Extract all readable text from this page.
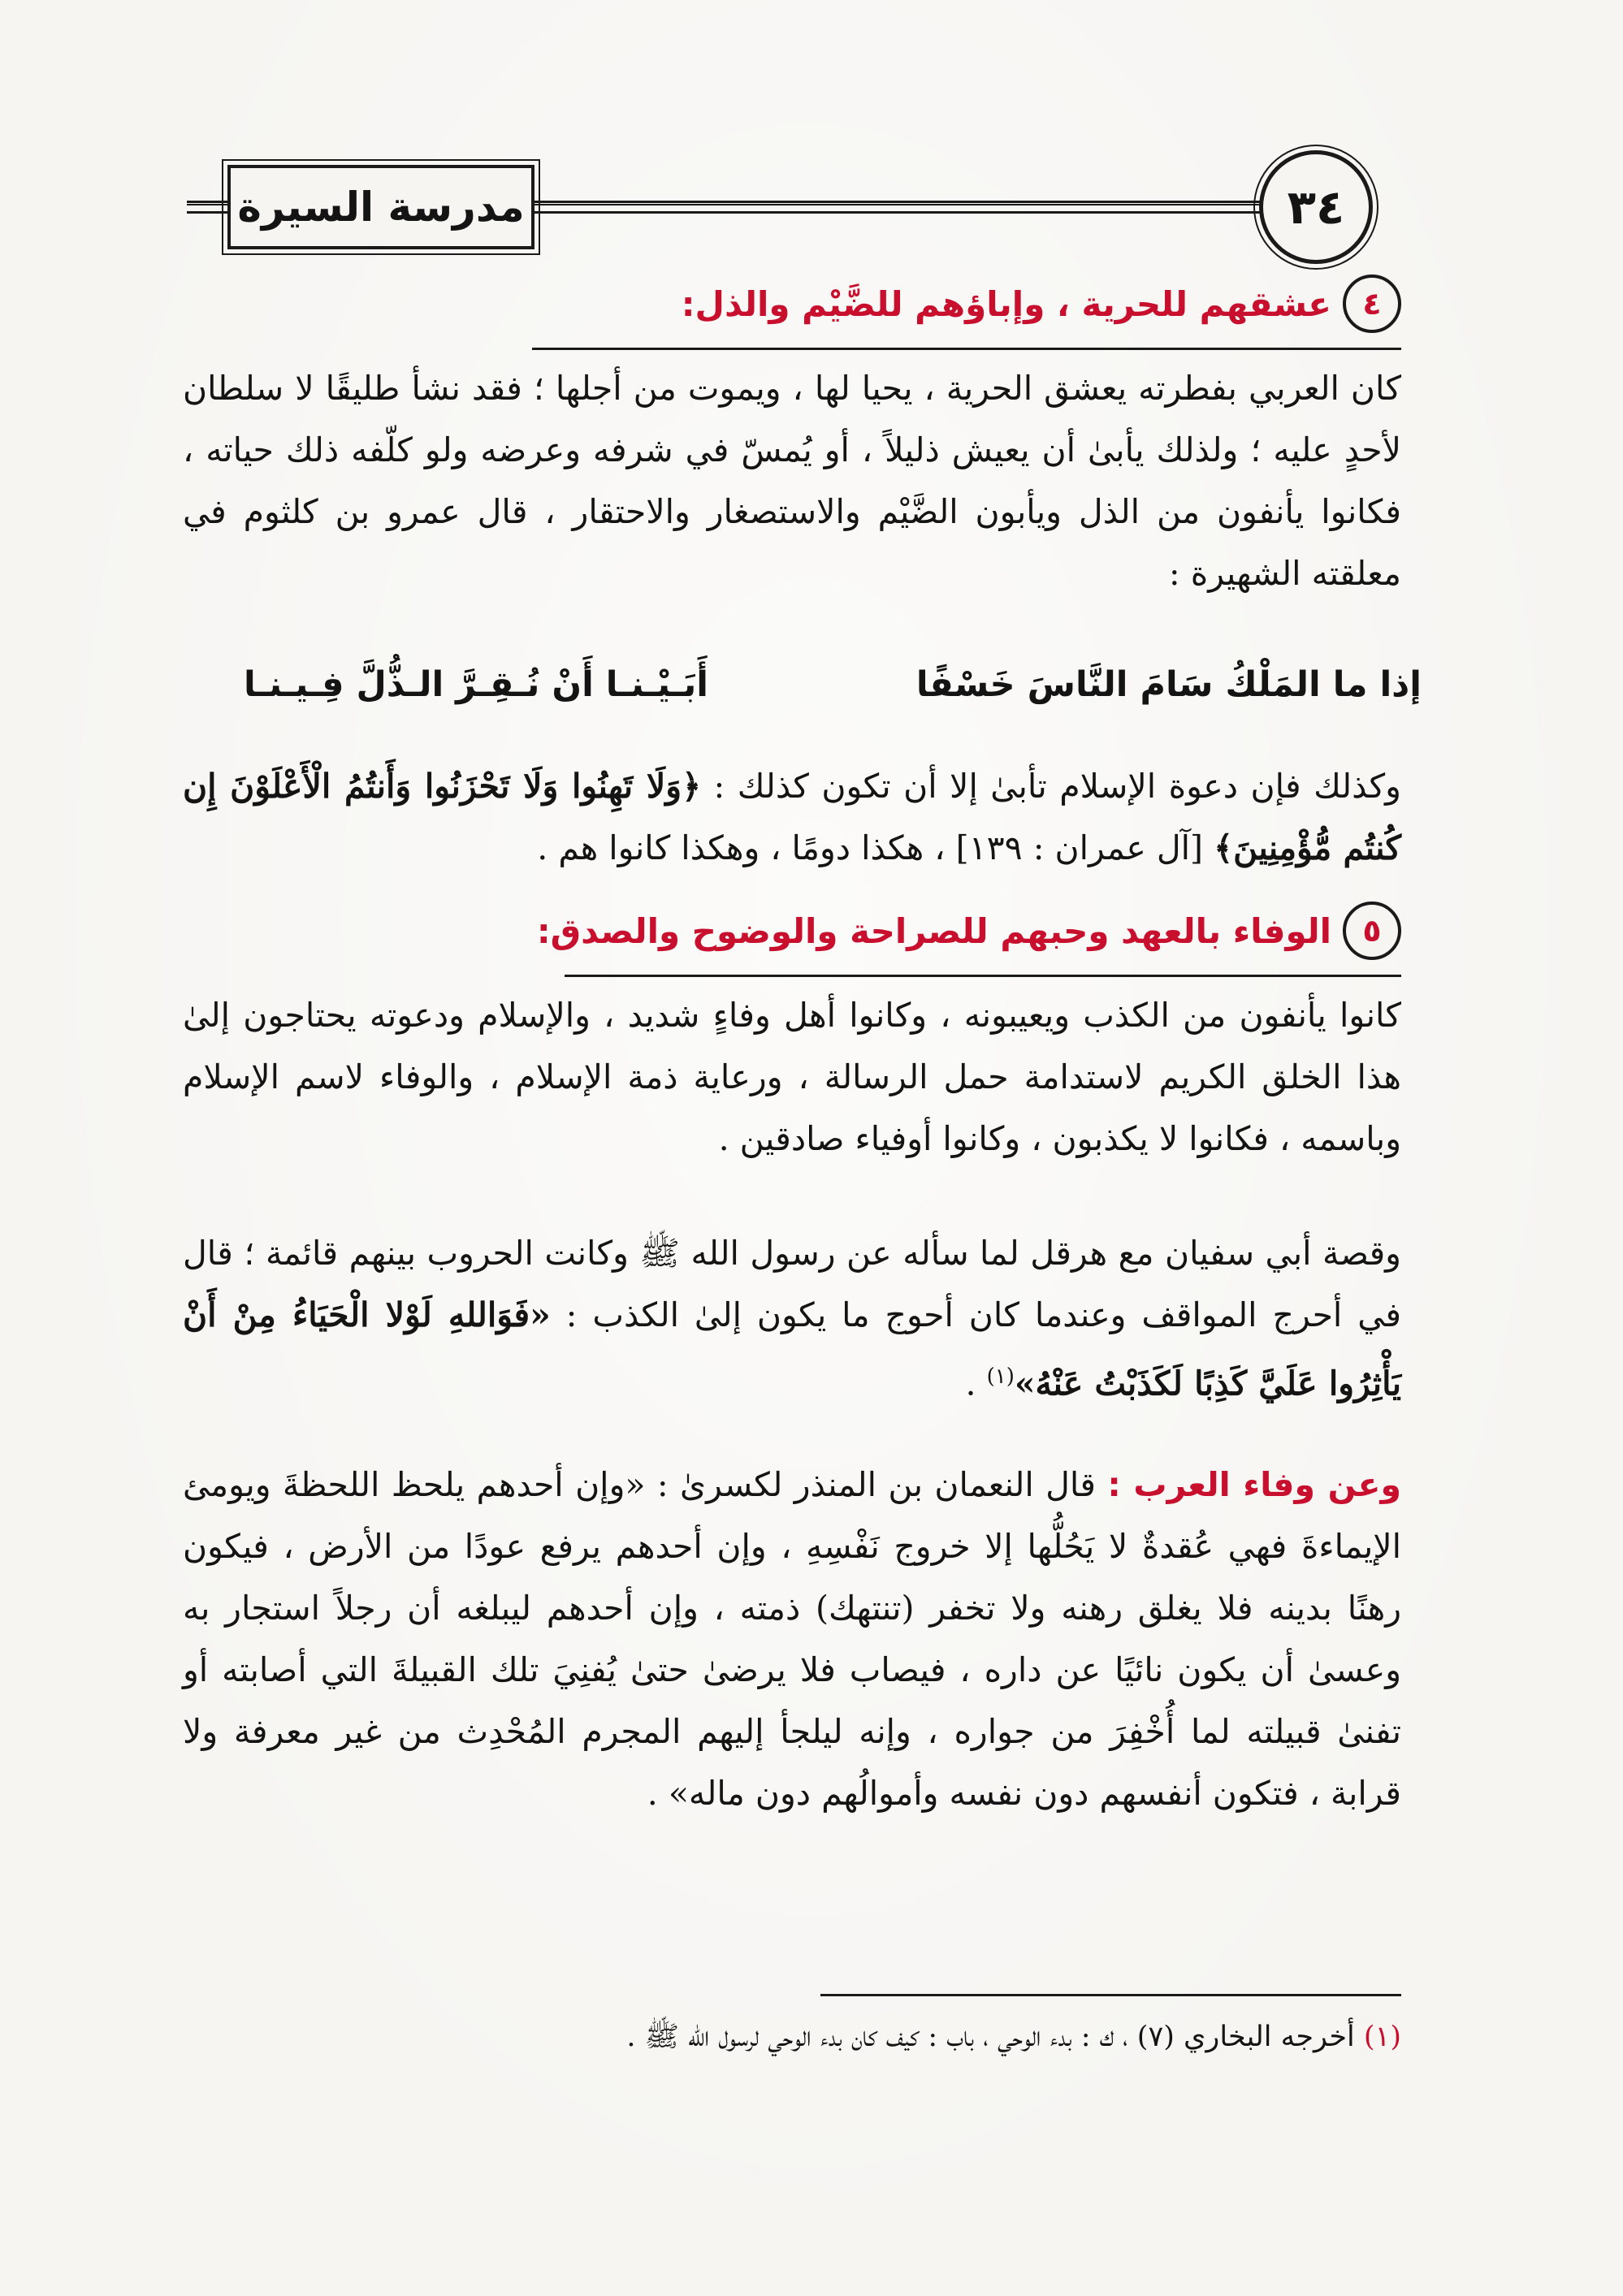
مدرسة السيرة	٣٤
٤
عشقهم للحرية ، وإباؤهم للضَّيْم والذل:

كان العربي بفطرته يعشق الحرية ، يحيا لها ، ويموت من أجلها ؛ فقد نشأ طليقًا لا سلطان لأحدٍ عليه ؛ ولذلك يأبىٰ أن يعيش ذليلاً ، أو يُمسّ في شرفه وعرضه ولو كلّفه ذلك حياته ، فكانوا يأنفون من الذل ويأبون الضَّيْم والاستصغار والاحتقار ، قال عمرو بن كلثوم في معلقته الشهيرة :

إذا ما المَلْكُ سَامَ النَّاسَ خَسْفًا
أَبَـيْـنـا أَنْ نُـقِـرَّ الـذُّلَّ فِـيـنـا

وكذلك فإن دعوة الإسلام تأبىٰ إلا أن تكون كذلك : ﴿وَلَا تَهِنُوا وَلَا تَحْزَنُوا وَأَنتُمُ الْأَعْلَوْنَ إِن كُنتُم مُّؤْمِنِينَ﴾ [آل عمران : ١٣٩] ، هكذا دومًا ، وهكذا كانوا هم .

٥
الوفاء بالعهد وحبهم للصراحة والوضوح والصدق:

كانوا يأنفون من الكذب ويعيبونه ، وكانوا أهل وفاءٍ شديد ، والإسلام ودعوته يحتاجون إلىٰ هذا الخلق الكريم لاستدامة حمل الرسالة ، ورعاية ذمة الإسلام ، والوفاء لاسم الإسلام وباسمه ، فكانوا لا يكذبون ، وكانوا أوفياء صادقين .

وقصة أبي سفيان مع هرقل لما سأله عن رسول الله ﷺ وكانت الحروب بينهم قائمة ؛ قال في أحرج المواقف وعندما كان أحوج ما يكون إلىٰ الكذب : «فَوَاللهِ لَوْلا الْحَيَاءُ مِنْ أَنْ يَأْثِرُوا عَلَيَّ كَذِبًا لَكَذَبْتُ عَنْهُ»$^{(١)}$ .

وعن وفاء العرب : قال النعمان بن المنذر لكسرىٰ : «وإن أحدهم يلحظ اللحظةَ ويومئ الإيماءةَ فهي عُقدةٌ لا يَحُلُّها إلا خروج نَفْسِهِ ، وإن أحدهم يرفع عودًا من الأرض ، فيكون رهنًا بدينه فلا يغلق رهنه ولا تخفر (تنتهك) ذمته ، وإن أحدهم ليبلغه أن رجلاً استجار به وعسىٰ أن يكون نائيًا عن داره ، فيصاب فلا يرضىٰ حتىٰ يُفنِيَ تلك القبيلةَ التي أصابته أو تفنىٰ قبيلته لما أُخْفِرَ من جواره ، وإنه ليلجأ إليهم المجرم المُحْدِث من غير معرفة ولا قرابة ، فتكون أنفسهم دون نفسه وأموالُهم دون ماله» .

(١) أخرجه البخاري (٧) ، ك : بدء الوحي ، باب : كيف كان بدء الوحي لرسول الله ﷺ .
